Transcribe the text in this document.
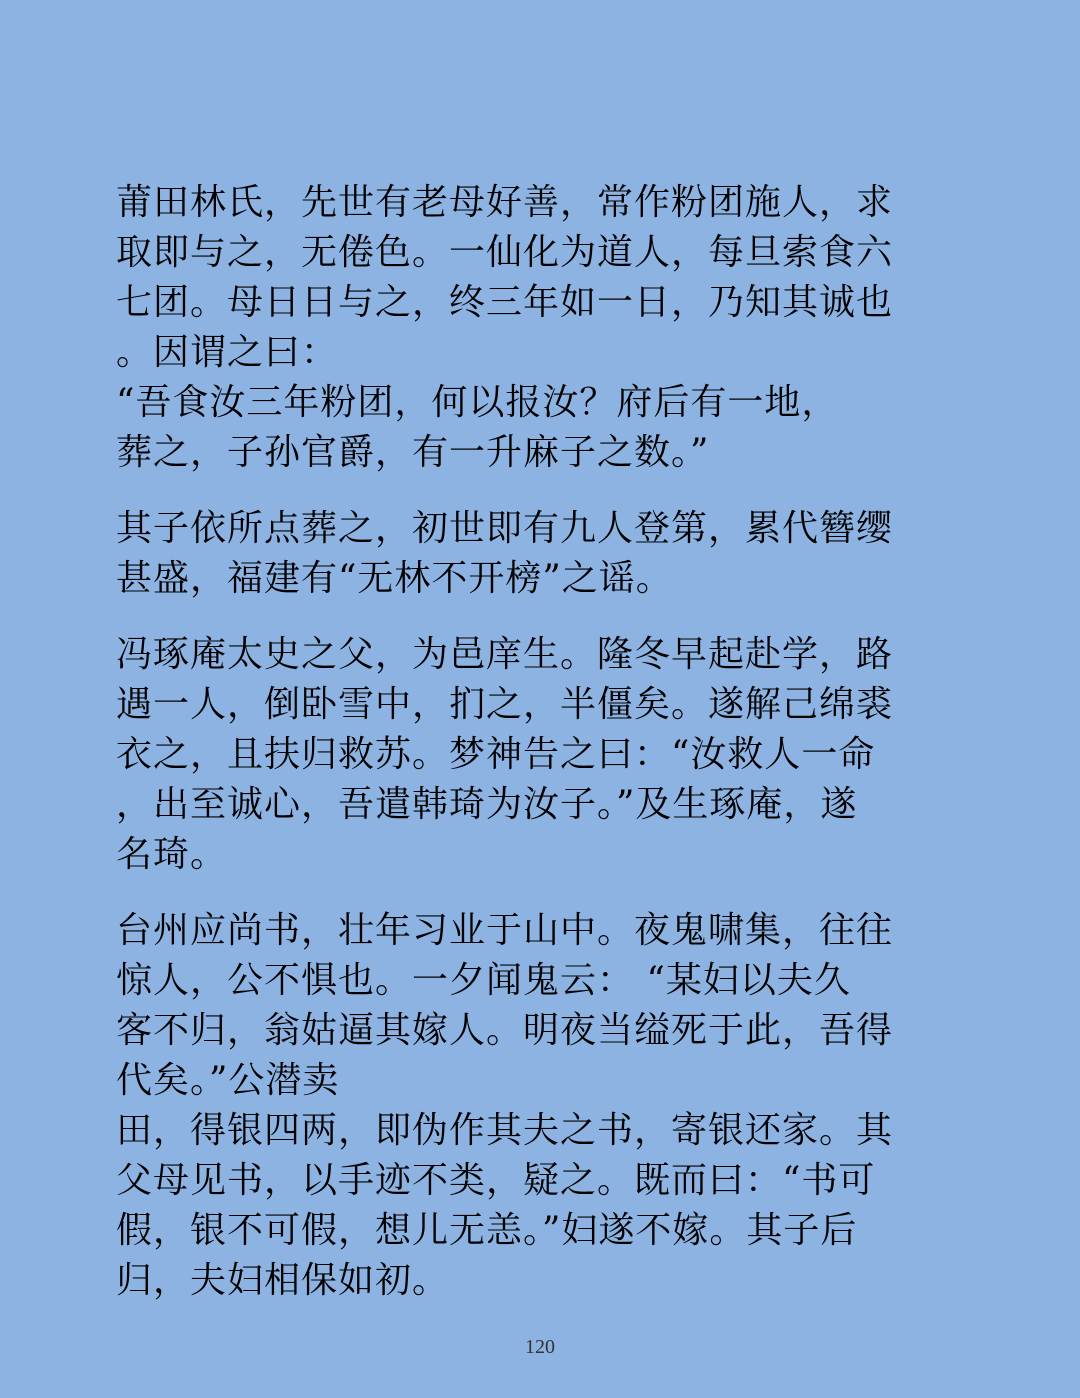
莆田林氏，先世有老母好善，常作粉团施人，求
取即与之，无倦色。一仙化为道人，每旦索食六
七团。母日日与之，终三年如一日，乃知其诚也
。因谓之曰：
“吾食汝三年粉团，何以报汝？府后有一地，
葬之，子孙官爵，有一升麻子之数。”
其子依所点葬之，初世即有九人登第，累代簪缨
甚盛，福建有“无林不开榜”之谣。
冯琢庵太史之父，为邑庠生。隆冬早起赴学，路
遇一人，倒卧雪中，扪之，半僵矣。遂解己绵裘
衣之，且扶归救苏。梦神告之曰：“汝救人一命
，出至诚心，吾遣韩琦为汝子。”及生琢庵，遂
名琦。
台州应尚书，壮年习业于山中。夜鬼啸集，往往
惊人，公不惧也。一夕闻鬼云： “某妇以夫久
客不归，翁姑逼其嫁人。明夜当缢死于此，吾得
代矣。”公潜卖
田，得银四两，即伪作其夫之书，寄银还家。其
父母见书，以手迹不类，疑之。既而曰：“书可
假，银不可假，想儿无恙。”妇遂不嫁。其子后
归，夫妇相保如初。
120
